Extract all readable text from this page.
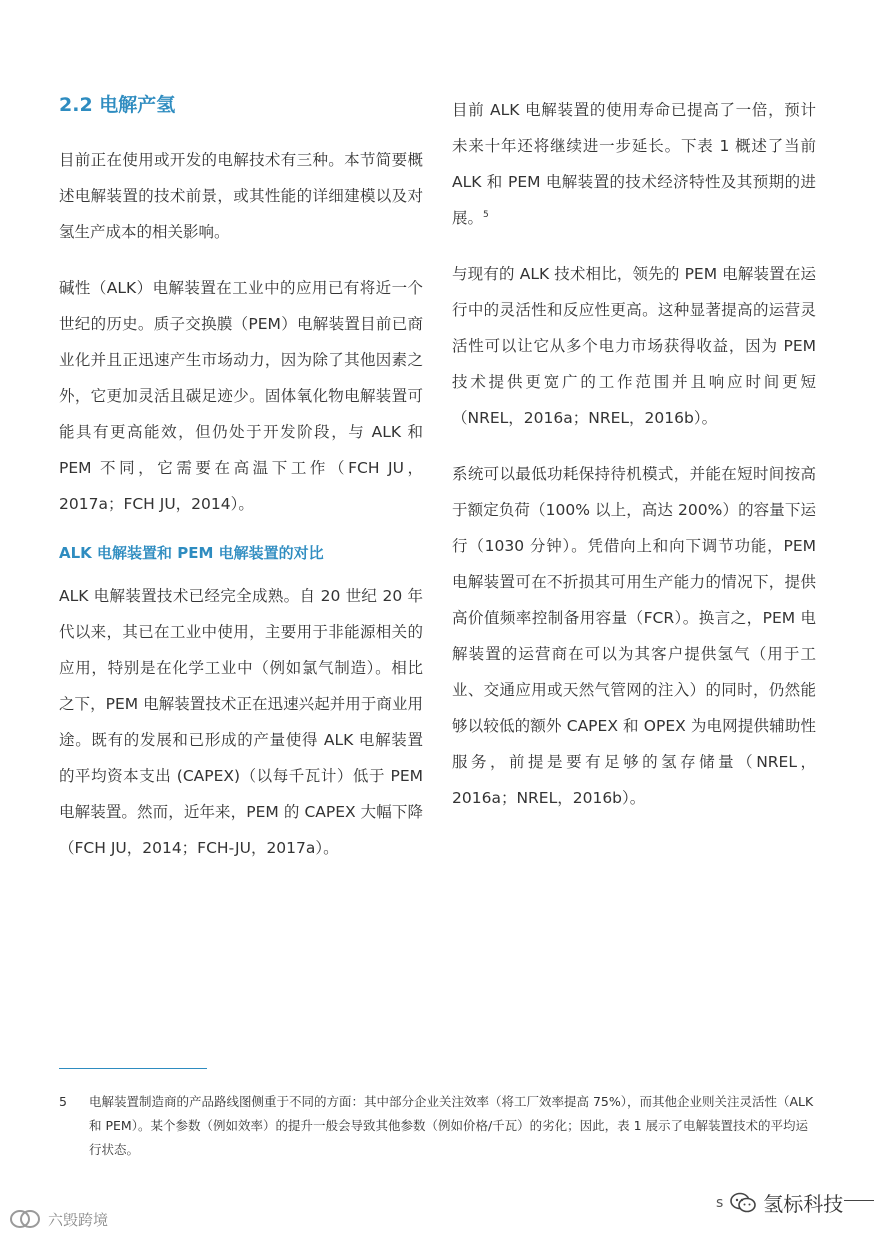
2.2 电解产氢

目前正在使用或开发的电解技术有三种。本节简要概述电解装置的技术前景，或其性能的详细建模以及对氢生产成本的相关影响。

碱性（ALK）电解装置在工业中的应用已有将近一个世纪的历史。质子交换膜（PEM）电解装置目前已商业化并且正迅速产生市场动力，因为除了其他因素之外，它更加灵活且碳足迹少。固体氧化物电解装置可能具有更高能效，但仍处于开发阶段，与 ALK 和 PEM 不同，它需要在高温下工作（FCH JU，2017a；FCH JU，2014）。

ALK 电解装置和 PEM 电解装置的对比

ALK 电解装置技术已经完全成熟。自 20 世纪 20 年代以来，其已在工业中使用，主要用于非能源相关的应用，特别是在化学工业中（例如氯气制造）。相比之下，PEM 电解装置技术正在迅速兴起并用于商业用途。既有的发展和已形成的产量使得 ALK 电解装置的平均资本支出 (CAPEX)（以每千瓦计）低于 PEM 电解装置。然而，近年来，PEM 的 CAPEX 大幅下降（FCH JU，2014；FCH-JU，2017a）。

目前 ALK 电解装置的使用寿命已提高了一倍，预计未来十年还将继续进一步延长。下表 1 概述了当前 ALK 和 PEM 电解装置的技术经济特性及其预期的进展。$^5$

与现有的 ALK 技术相比，领先的 PEM 电解装置在运行中的灵活性和反应性更高。这种显著提高的运营灵活性可以让它从多个电力市场获得收益，因为 PEM 技术提供更宽广的工作范围并且响应时间更短（NREL，2016a；NREL，2016b）。

系统可以最低功耗保持待机模式，并能在短时间按高于额定负荷（100% 以上，高达 200%）的容量下运行（1030 分钟）。凭借向上和向下调节功能，PEM 电解装置可在不折损其可用生产能力的情况下，提供高价值频率控制备用容量（FCR）。换言之，PEM 电解装置的运营商在可以为其客户提供氢气（用于工业、交通应用或天然气管网的注入）的同时，仍然能够以较低的额外 CAPEX 和 OPEX 为电网提供辅助性服务，前提是要有足够的氢存储量（NREL，2016a；NREL，2016b）。

5 电解装置制造商的产品路线图侧重于不同的方面：其中部分企业关注效率（将工厂效率提高 75%），而其他企业则关注灵活性（ALK 和 PEM）。某个参数（例如效率）的提升一般会导致其他参数（例如价格/千瓦）的劣化；因此，表 1 展示了电解装置技术的平均运行状态。
六毁跨境
s 氢标科技
